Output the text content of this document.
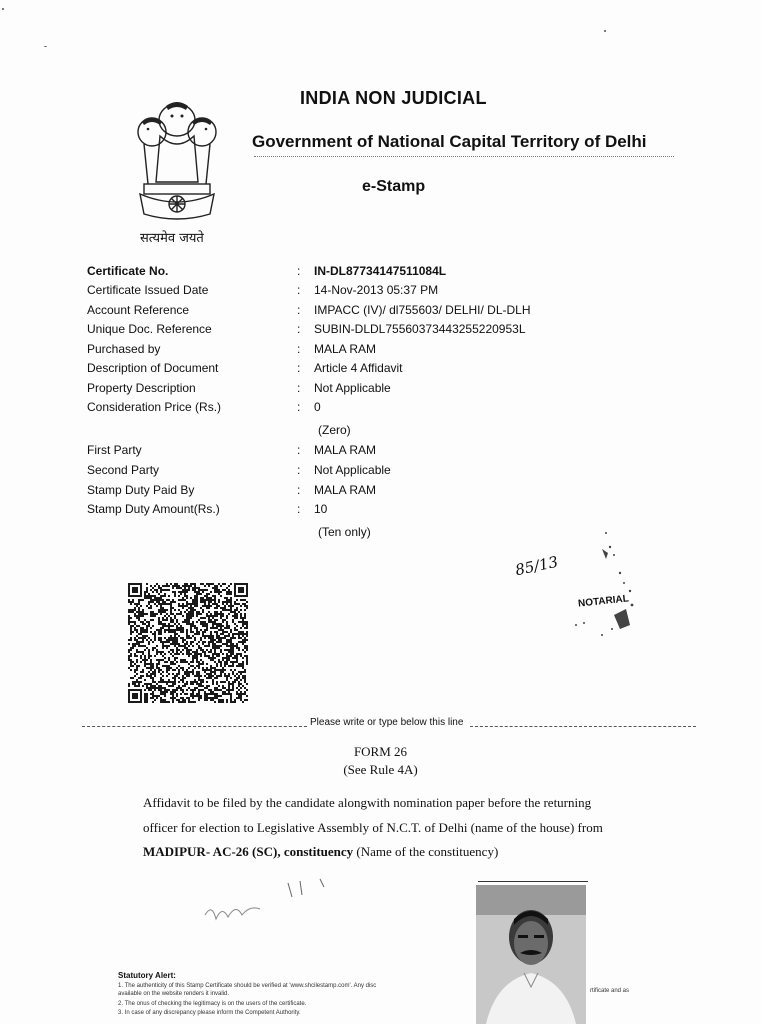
सत्यमेव जयते
INDIA NON JUDICIAL
Government of National Capital Territory of Delhi
e-Stamp
Certificate No.	: IN-DL87734147511084L
Certificate Issued Date	: 14-Nov-2013 05:37 PM
Account Reference	: IMPACC (IV)/ dl755603/ DELHI/ DL-DLH
Unique Doc. Reference	: SUBIN-DLDL75560373443255220953L
Purchased by	: MALA RAM
Description of Document	: Article 4 Affidavit
Property Description	: Not Applicable
Consideration Price (Rs.)	: 0
(Zero)
First Party	: MALA RAM
Second Party	: Not Applicable
Stamp Duty Paid By	: MALA RAM
Stamp Duty Amount(Rs.)	: 10
(Ten only)
85/13
NOTARIAL
Please write or type below this line
FORM 26
(See Rule 4A)
Affidavit to be filed by the candidate alongwith nomination paper before the returning
officer for election to Legislative Assembly of N.C.T. of Delhi (name of the house) from
MADIPUR- AC-26 (SC), constituency (Name of the constituency)
Statutory Alert:
1. The authenticity of this Stamp Certificate should be verified at 'www.shcilestamp.com'. Any disc
available on the website renders it invalid.
2. The onus of checking the legitimacy is on the users of the certificate.
3. In case of any discrepancy please inform the Competent Authority.
rtificate and as
